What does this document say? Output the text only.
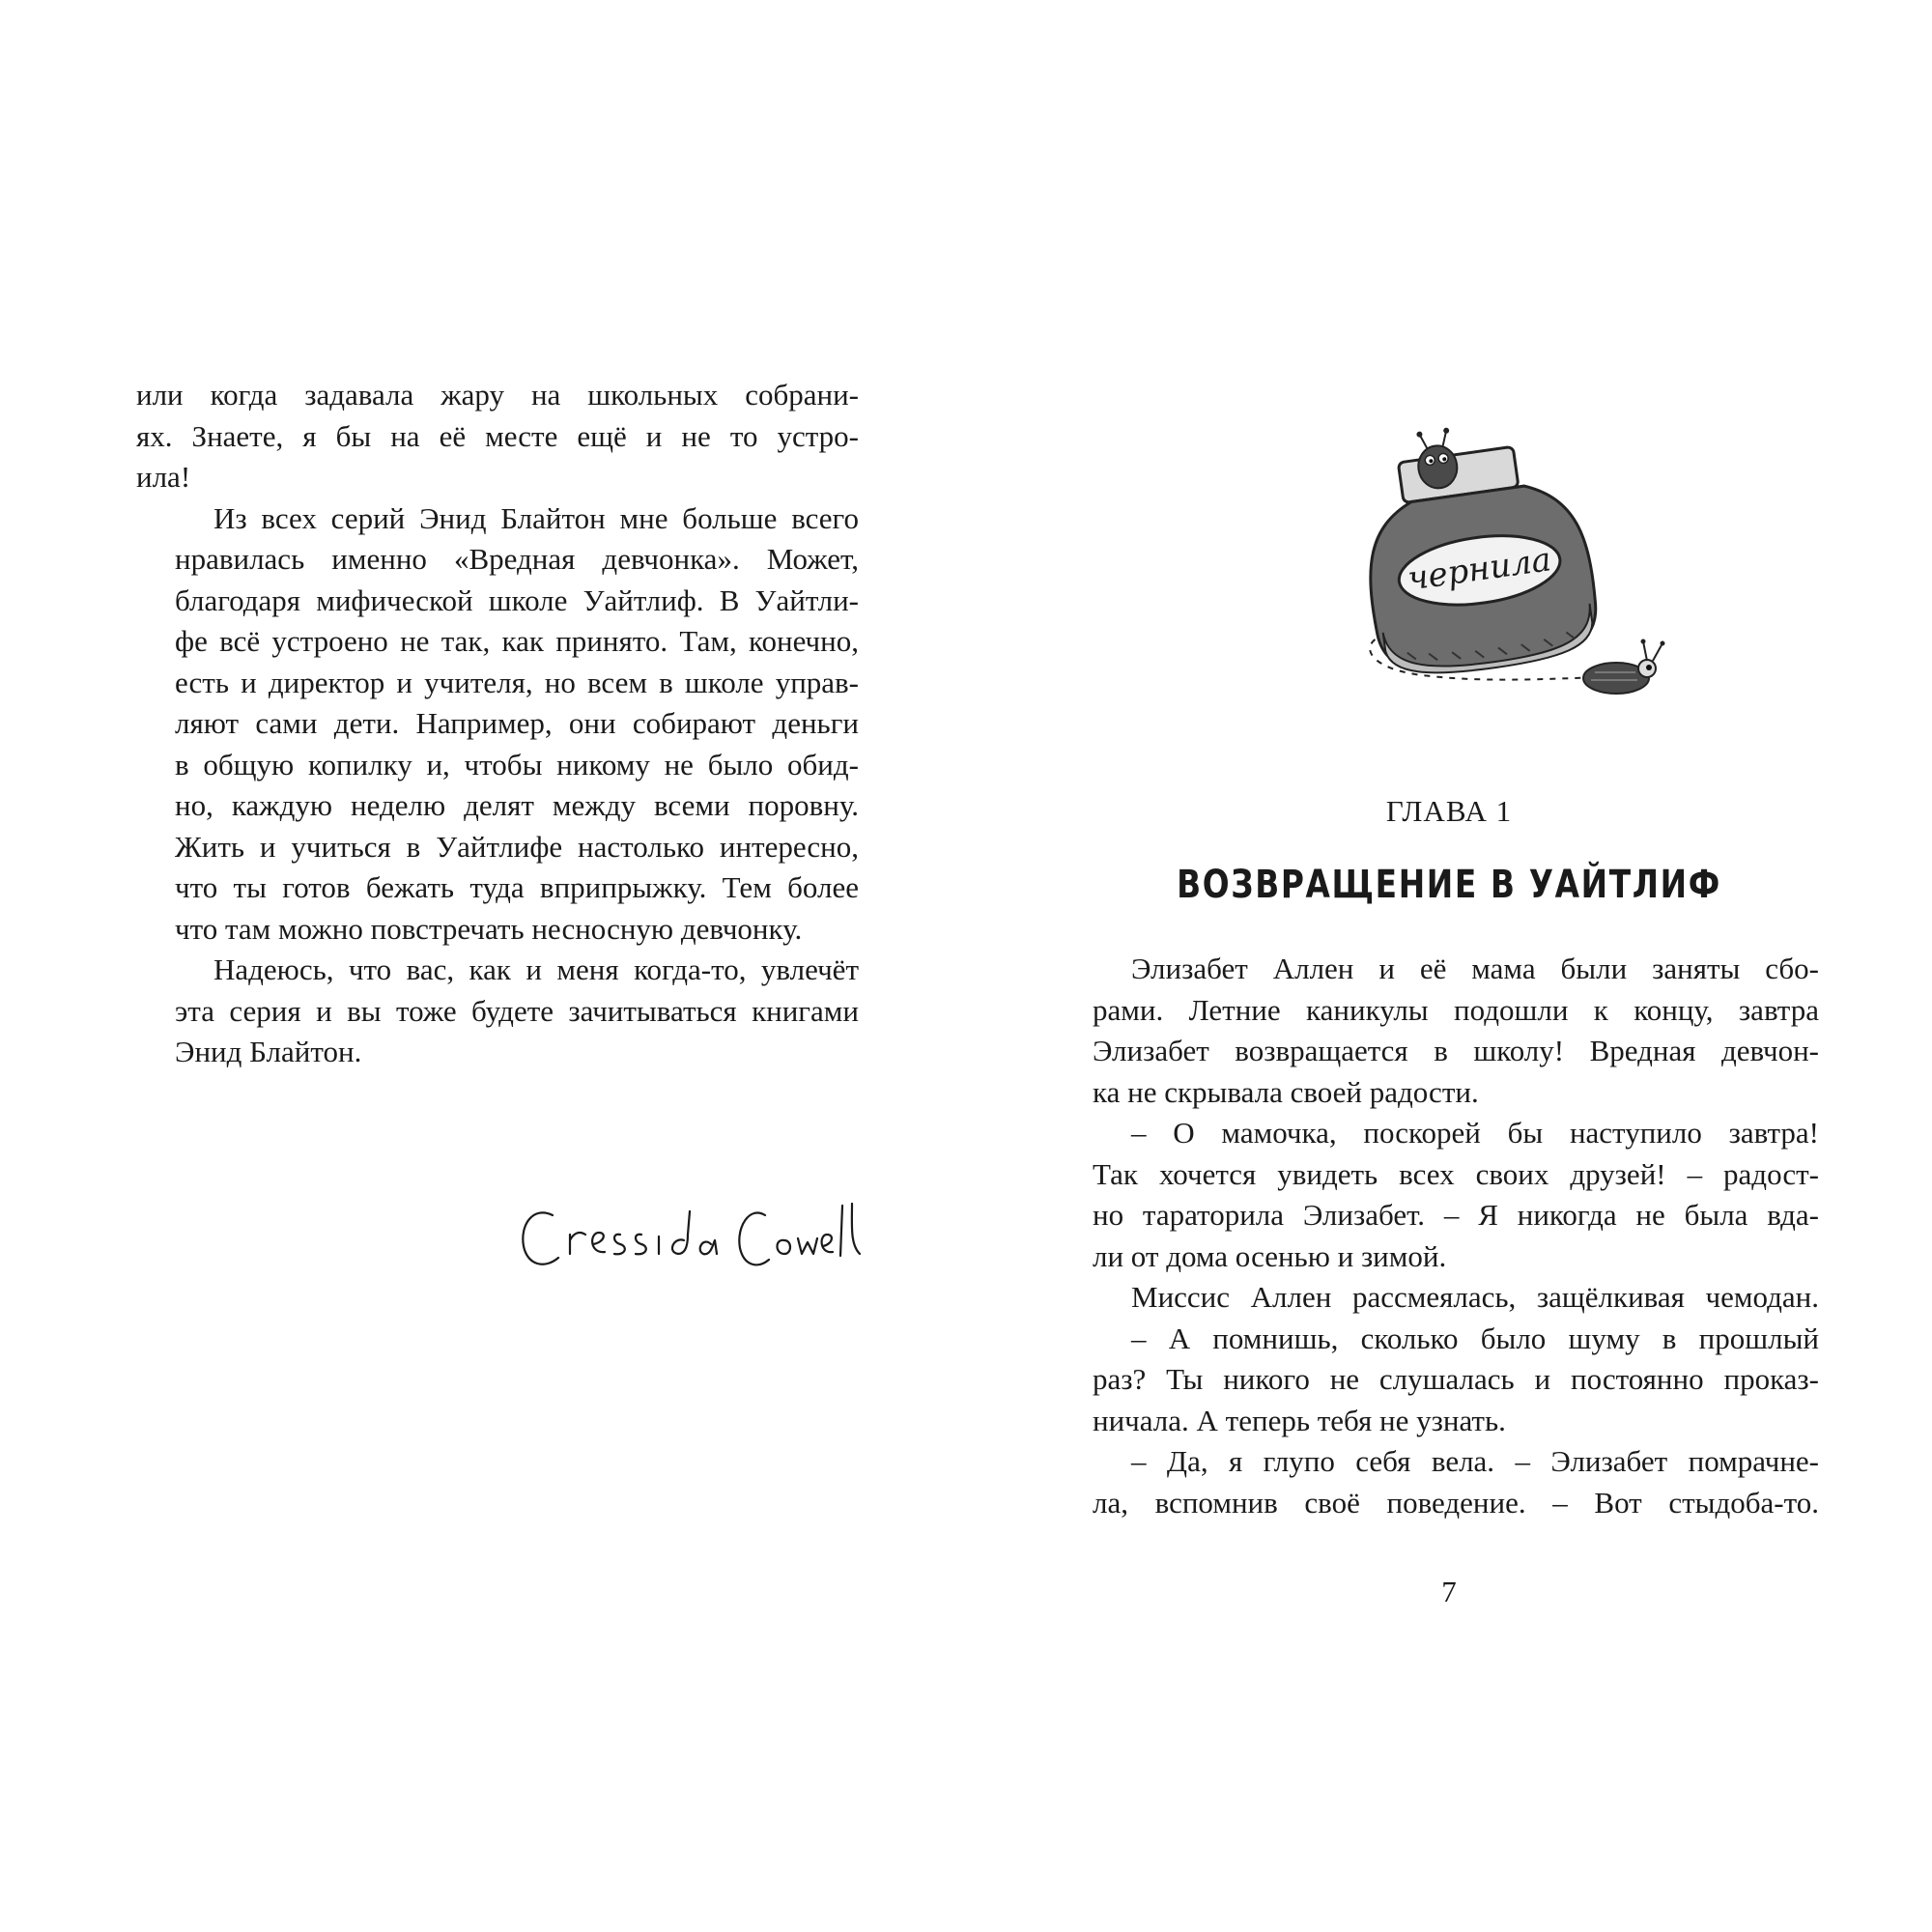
или когда задавала жару на школьных собрани-
ях. Знаете, я бы на её месте ещё и не то устро-
ила!

Из всех серий Энид Блайтон мне больше всего
нравилась именно «Вредная девчонка». Может,
благодаря мифической школе Уайтлиф. В Уайтли-
фе всё устроено не так, как принято. Там, конечно,
есть и директор и учителя, но всем в школе управ-
ляют сами дети. Например, они собирают деньги
в общую копилку и, чтобы никому не было обид-
но, каждую неделю делят между всеми поровну.
Жить и учиться в Уайтлифе настолько интересно,
что ты готов бежать туда вприпрыжку. Тем более
что там можно повстречать несносную девчонку.

Надеюсь, что вас, как и меня когда-то, увлечёт
эта серия и вы тоже будете зачитываться книгами
Энид Блайтон.

чернила
ГЛАВА 1
ВОЗВРАЩЕНИЕ В УАЙТЛИФ

Элизабет Аллен и её мама были заняты сбо-
рами. Летние каникулы подошли к концу, завтра
Элизабет возвращается в школу! Вредная девчон-
ка не скрывала своей радости.

– О мамочка, поскорей бы наступило завтра!
Так хочется увидеть всех своих друзей! – радост-
но тараторила Элизабет. – Я никогда не была вда-
ли от дома осенью и зимой.

Миссис Аллен рассмеялась, защёлкивая чемодан.

– А помнишь, сколько было шуму в прошлый
раз? Ты никого не слушалась и постоянно проказ-
ничала. А теперь тебя не узнать.

– Да, я глупо себя вела. – Элизабет помрачне-
ла, вспомнив своё поведение. – Вот стыдоба-то.

7
